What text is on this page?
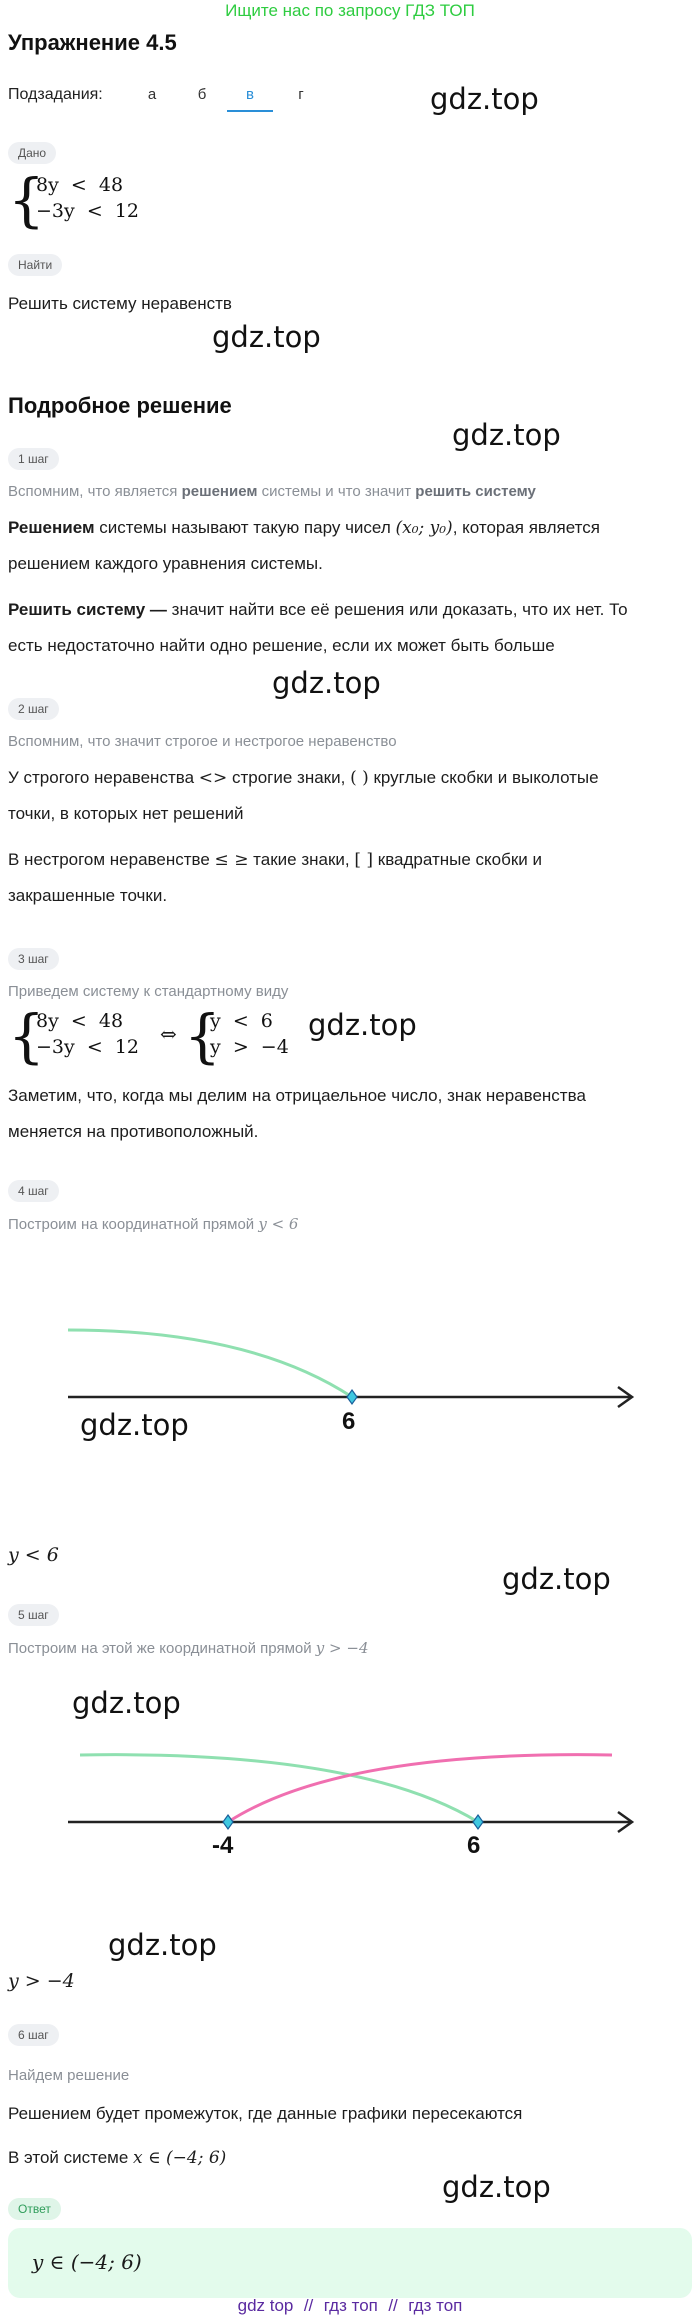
Ищите нас по запросу ГДЗ ТОП
Упражнение 4.5
Подзадания:	а	б	в	г	gdz.top
gdz.top
gdz.top
gdz.top
gdz.top
gdz.top
gdz.top
gdz.top
gdz.top
gdz.top
Дано
{
8y  <  48
−3y  <  12
Найти
Решить систему неравенств
Подробное решение
1 шаг
Вспомним, что является решением системы и что значит решить систему
Решением системы называют такую пару чисел (x₀; y₀), которая является
решением каждого уравнения системы.
Решить систему — значит найти все её решения или доказать, что их нет. То
есть недостаточно найти одно решение, если их может быть больше
2 шаг
Вспомним, что значит строгое и нестрогое неравенство
У строгого неравенства <> строгие знаки, ( ) круглые скобки и выколотые
точки, в которых нет решений
В нестрогом неравенстве ≤ ≥ такие знаки, [ ] квадратные скобки и
закрашенные точки.
3 шаг
Приведем систему к стандартному виду
{
8y  <  48
−3y  <  12
⇔ {
y  <  6
y  >  −4
Заметим, что, когда мы делим на отрицаельное число, знак неравенства
меняется на противоположный.
4 шаг
Построим на координатной прямой y < 6
6
y < 6
5 шаг
Построим на этой же координатной прямой y > −4
-4	6
y > −4
6 шаг
Найдем решение
Решением будет промежуток, где данные графики пересекаются
В этой системе x ∈ (−4; 6)
Ответ
y ∈ (−4; 6)
gdz top // гдз топ // гдз топ
